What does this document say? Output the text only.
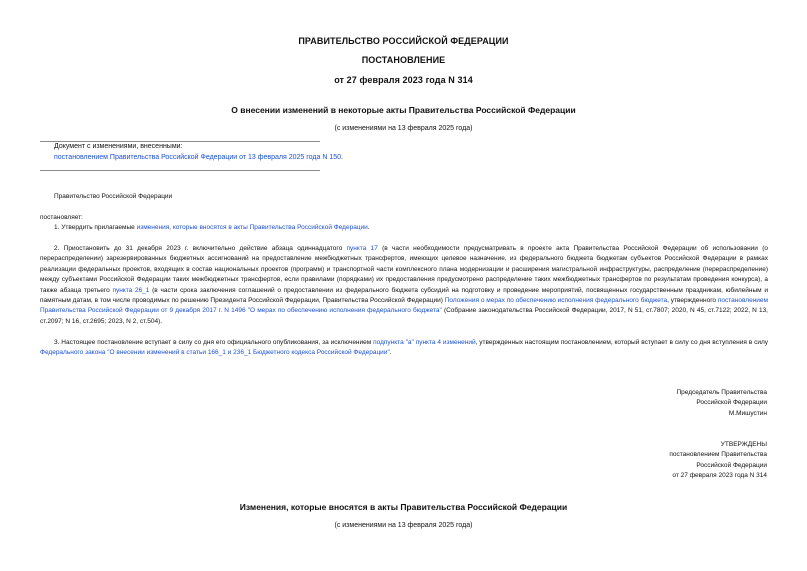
ПРАВИТЕЛЬСТВО РОССИЙСКОЙ ФЕДЕРАЦИИ
ПОСТАНОВЛЕНИЕ
от 27 февраля 2023 года N 314
О внесении изменений в некоторые акты Правительства Российской Федерации
(с изменениями на 13 февраля 2025 года)
Документ с изменениями, внесенными:
постановлением Правительства Российской Федерации от 13 февраля 2025 года N 150.
Правительство Российской Федерации
постановляет:

1. Утвердить прилагаемые изменения, которые вносятся в акты Правительства Российской Федерации.

2. Приостановить до 31 декабря 2023 г. включительно действие абзаца одиннадцатого пункта 17 (в части необходимости предусматривать в проекте акта Правительства Российской Федерации об использовании (о перераспределении) зарезервированных бюджетных ассигнований на предоставление межбюджетных трансфертов, имеющих целевое назначение, из федерального бюджета бюджетам субъектов Российской Федерации в рамках реализации федеральных проектов, входящих в состав национальных проектов (программ) и транспортной части комплексного плана модернизации и расширения магистральной инфраструктуры, распределение (перераспределение) между субъектами Российской Федерации таких межбюджетных трансфертов, если правилами (порядками) их предоставления предусмотрено распределение таких межбюджетных трансфертов по результатам проведения конкурса), а также абзаца третьего пункта 26_1 (в части срока заключения соглашений о предоставлении из федерального бюджета субсидий на подготовку и проведение мероприятий, посвященных государственным праздникам, юбилейным и памятным датам, в том числе проводимых по решению Президента Российской Федерации, Правительства Российской Федерации) Положения о мерах по обеспечению исполнения федерального бюджета, утвержденного постановлением Правительства Российской Федерации от 9 декабря 2017 г. N 1496 "О мерах по обеспечению исполнения федерального бюджета" (Собрание законодательства Российской Федерации, 2017, N 51, ст.7807; 2020, N 45, ст.7122; 2022, N 13, ст.2097; N 16, ст.2695; 2023, N 2, ст.504).

3. Настоящее постановление вступает в силу со дня его официального опубликования, за исключением подпункта "а" пункта 4 изменений, утвержденных настоящим постановлением, который вступает в силу со дня вступления в силу Федерального закона "О внесении изменений в статьи 166_1 и 236_1 Бюджетного кодекса Российской Федерации".

Председатель Правительства
Российской Федерации
М.Мишустин
УТВЕРЖДЕНЫ
постановлением Правительства
Российской Федерации
от 27 февраля 2023 года N 314
Изменения, которые вносятся в акты Правительства Российской Федерации
(с изменениями на 13 февраля 2025 года)
